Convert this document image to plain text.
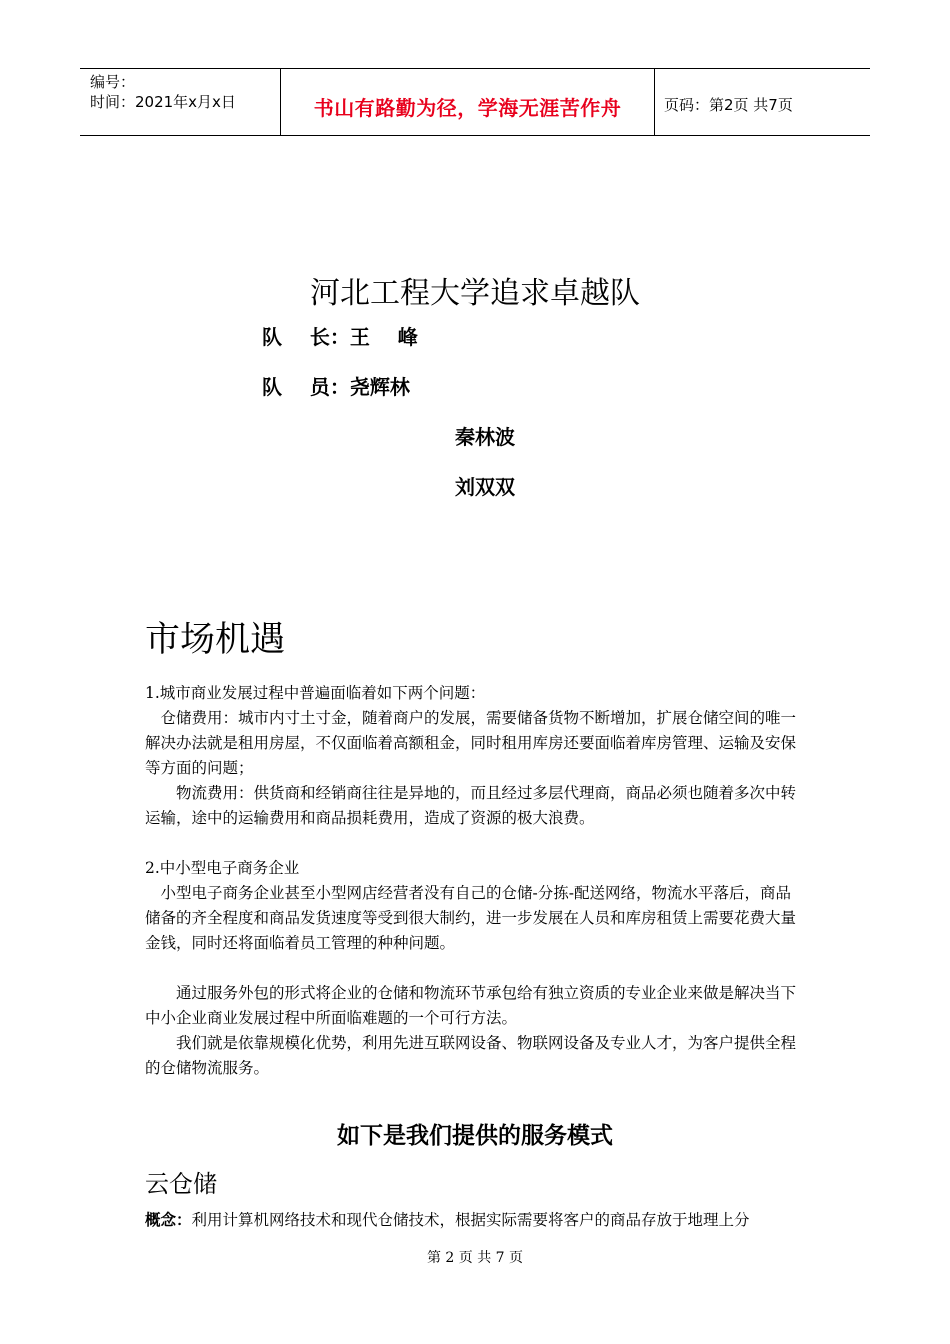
编号：
时间：2021年x月x日	书山有路勤为径，学海无涯苦作舟	页码：第2页 共7页
河北工程大学追求卓越队
队    长：王    峰
队    员：尧辉林
秦林波
刘双双
市场机遇

1.城市商业发展过程中普遍面临着如下两个问题：

仓储费用：城市内寸土寸金，随着商户的发展，需要储备货物不断增加，扩展仓储空间的唯一解决办法就是租用房屋，不仅面临着高额租金，同时租用库房还要面临着库房管理、运输及安保等方面的问题；

物流费用：供货商和经销商往往是异地的，而且经过多层代理商，商品必须也随着多次中转运输，途中的运输费用和商品损耗费用，造成了资源的极大浪费。

2.中小型电子商务企业

小型电子商务企业甚至小型网店经营者没有自己的仓储-分拣-配送网络，物流水平落后，商品储备的齐全程度和商品发货速度等受到很大制约，进一步发展在人员和库房租赁上需要花费大量金钱，同时还将面临着员工管理的种种问题。

通过服务外包的形式将企业的仓储和物流环节承包给有独立资质的专业企业来做是解决当下中小企业商业发展过程中所面临难题的一个可行方法。

我们就是依靠规模化优势，利用先进互联网设备、物联网设备及专业人才，为客户提供全程的仓储物流服务。

如下是我们提供的服务模式
云仓储
概念：利用计算机网络技术和现代仓储技术，根据实际需要将客户的商品存放于地理上分
第 2 页 共 7 页
